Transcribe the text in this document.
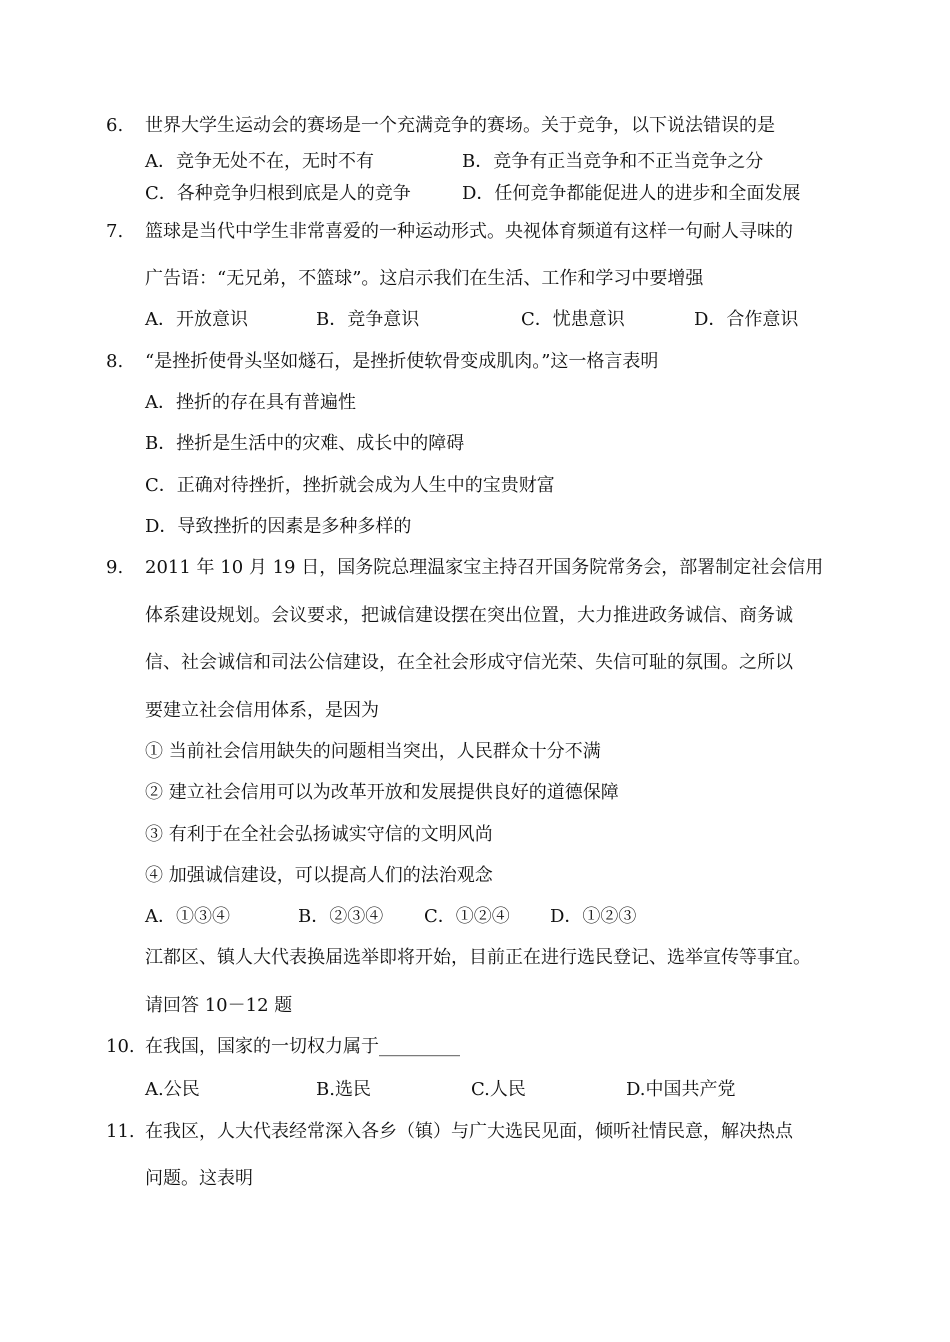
6. 世界大学生运动会的赛场是一个充满竞争的赛场。关于竞争，以下说法错误的是
A．竞争无处不在，无时不有	B．竞争有正当竞争和不正当竞争之分
C．各种竞争归根到底是人的竞争	D．任何竞争都能促进人的进步和全面发展
7. 篮球是当代中学生非常喜爱的一种运动形式。央视体育频道有这样一句耐人寻味的
广告语：“无兄弟，不篮球”。这启示我们在生活、工作和学习中要增强
A．开放意识	B．竞争意识	C．忧患意识	D．合作意识
8. “是挫折使骨头坚如燧石，是挫折使软骨变成肌肉。”这一格言表明
A．挫折的存在具有普遍性
B．挫折是生活中的灾难、成长中的障碍
C．正确对待挫折，挫折就会成为人生中的宝贵财富
D．导致挫折的因素是多种多样的
9. 2011 年 10 月 19 日，国务院总理温家宝主持召开国务院常务会，部署制定社会信用
体系建设规划。会议要求，把诚信建设摆在突出位置，大力推进政务诚信、商务诚
信、社会诚信和司法公信建设，在全社会形成守信光荣、失信可耻的氛围。之所以
要建立社会信用体系，是因为
① 当前社会信用缺失的问题相当突出，人民群众十分不满
② 建立社会信用可以为改革开放和发展提供良好的道德保障
③ 有利于在全社会弘扬诚实守信的文明风尚
④ 加强诚信建设，可以提高人们的法治观念
A．①③④	B．②③④ C．①②④ D．①②③
江都区、镇人大代表换届选举即将开始，目前正在进行选民登记、选举宣传等事宜。
请回答 10－12 题
10. 在我国，国家的一切权力属于_________
A.公民	B.选民	C.人民	D.中国共产党
11. 在我区，人大代表经常深入各乡（镇）与广大选民见面，倾听社情民意，解决热点
问题。这表明
